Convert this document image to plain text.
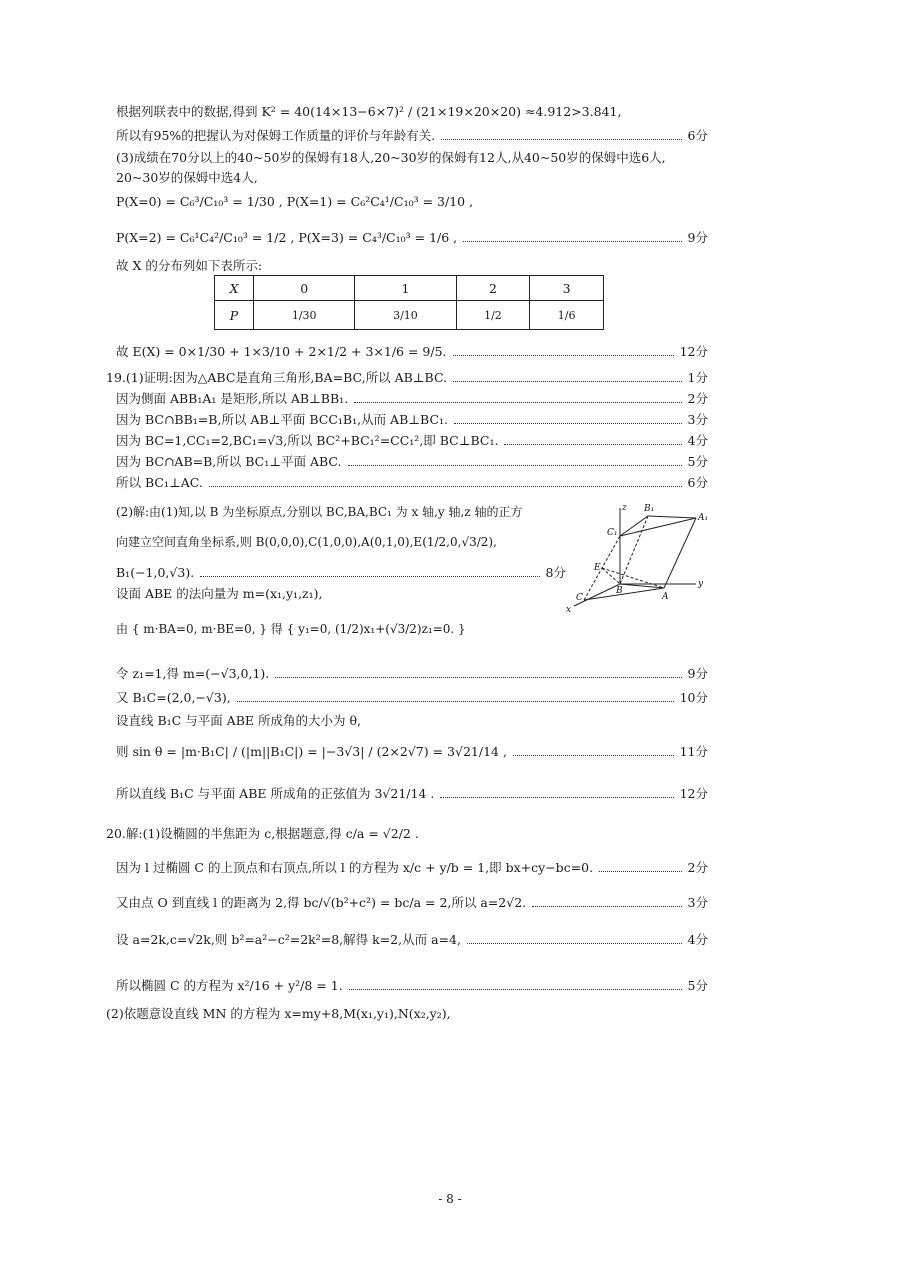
根据列联表中的数据,得到 K² = 40(14×13−6×7)² / (21×19×20×20) ≈4.912>3.841,
所以有95%的把握认为对保姆工作质量的评价与年龄有关.	6分
(3)成绩在70分以上的40~50岁的保姆有18人,20~30岁的保姆有12人,从40~50岁的保姆中选6人,
20~30岁的保姆中选4人,
P(X=0) = C₆³/C₁₀³ = 1/30 , P(X=1) = C₆²C₄¹/C₁₀³ = 3/10 ,
P(X=2) = C₆¹C₄²/C₁₀³ = 1/2 , P(X=3) = C₄³/C₁₀³ = 1/6 ,	9分
故 X 的分布列如下表所示:
X	0	1	2	3
P	1/30	3/10	1/2	1/6
故 E(X) = 0×1/30 + 1×3/10 + 2×1/2 + 3×1/6 = 9/5.	12分
19.(1)证明:因为△ABC是直角三角形,BA=BC,所以 AB⊥BC.	1分
因为侧面 ABB₁A₁ 是矩形,所以 AB⊥BB₁.	2分
因为 BC∩BB₁=B,所以 AB⊥平面 BCC₁B₁,从而 AB⊥BC₁.	3分
因为 BC=1,CC₁=2,BC₁=√3,所以 BC²+BC₁²=CC₁²,即 BC⊥BC₁.	4分
因为 BC∩AB=B,所以 BC₁⊥平面 ABC.	5分
所以 BC₁⊥AC.	6分
(2)解:由(1)知,以 B 为坐标原点,分别以 BC,BA,BC₁ 为 x 轴,y 轴,z 轴的正方
向建立空间直角坐标系,则 B(0,0,0),C(1,0,0),A(0,1,0),E(1/2,0,√3/2),
B₁(−1,0,√3).	8分
设面 ABE 的法向量为 m=(x₁,y₁,z₁),
由 { m·BA=0, m·BE=0, } 得 { y₁=0, (1/2)x₁+(√3/2)z₁=0. }
z B₁
A₁
C₁
E
B
y
C	A
x
令 z₁=1,得 m=(−√3,0,1).	9分
又 B₁C=(2,0,−√3),	10分
设直线 B₁C 与平面 ABE 所成角的大小为 θ,
则 sin θ = |m·B₁C| / (|m||B₁C|) = |−3√3| / (2×2√7) = 3√21/14 ,	11分
所以直线 B₁C 与平面 ABE 所成角的正弦值为 3√21/14 .	12分
20.解:(1)设椭圆的半焦距为 c,根据题意,得 c/a = √2/2 .
因为 l 过椭圆 C 的上顶点和右顶点,所以 l 的方程为 x/c + y/b = 1,即 bx+cy−bc=0.	2分
又由点 O 到直线 l 的距离为 2,得 bc/√(b²+c²) = bc/a = 2,所以 a=2√2.	3分
设 a=2k,c=√2k,则 b²=a²−c²=2k²=8,解得 k=2,从而 a=4,	4分
所以椭圆 C 的方程为 x²/16 + y²/8 = 1.	5分
(2)依题意设直线 MN 的方程为 x=my+8,M(x₁,y₁),N(x₂,y₂),
- 8 -
